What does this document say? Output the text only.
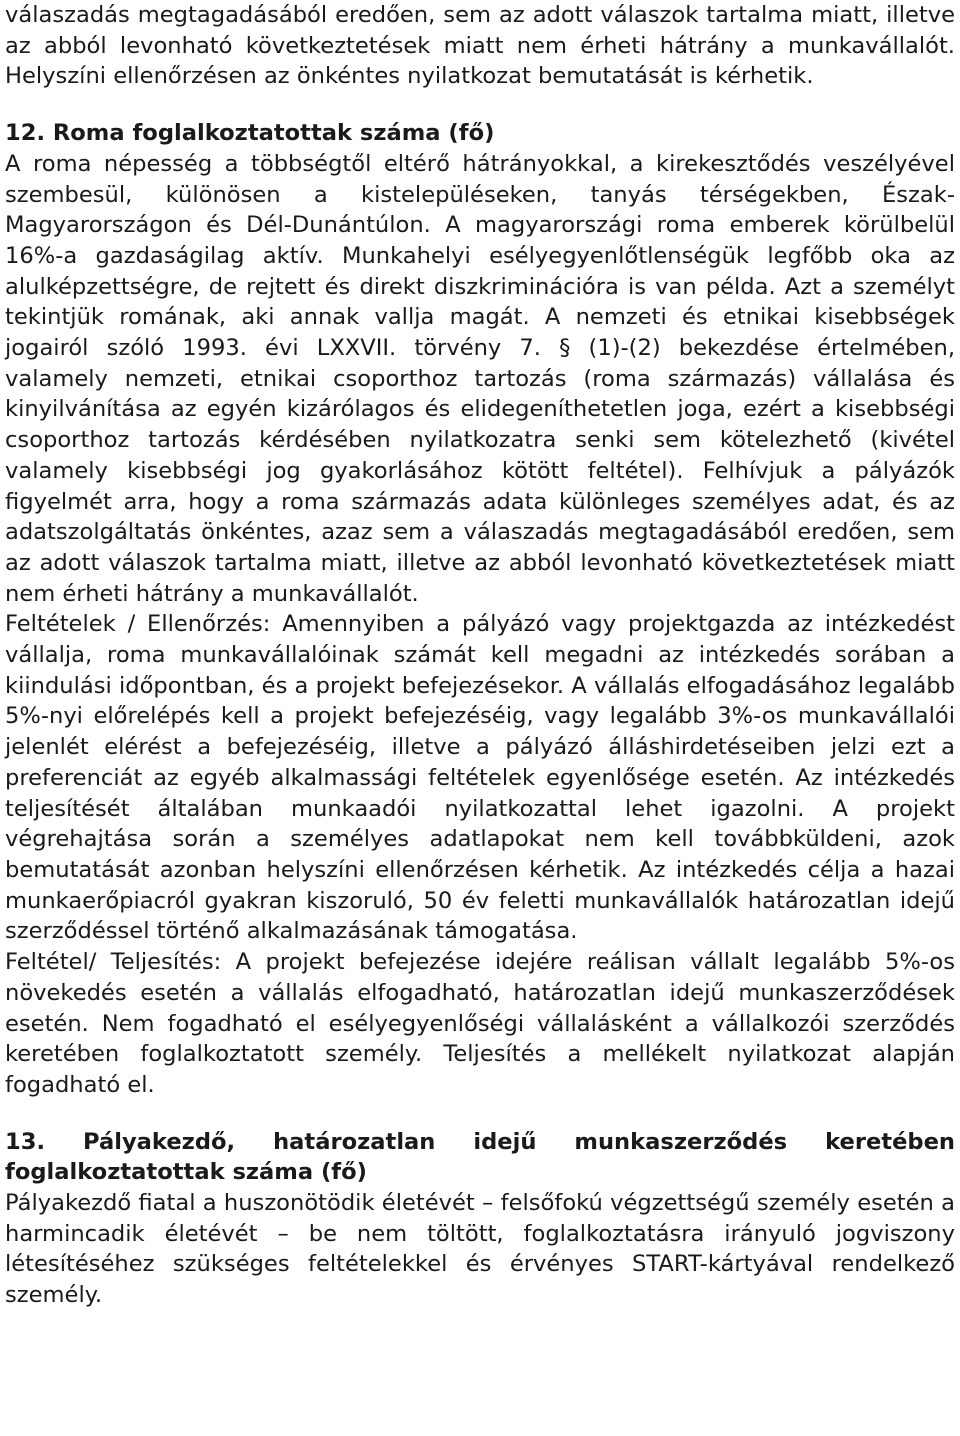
válaszadás megtagadásából eredően, sem az adott válaszok tartalma miatt, illetve az abból levonható következtetések miatt nem érheti hátrány a munkavállalót. Helyszíni ellenőrzésen az önkéntes nyilatkozat bemutatását is kérhetik.

12. Roma foglalkoztatottak száma (fő)

A roma népesség a többségtől eltérő hátrányokkal, a kirekesztődés veszélyével szembesül, különösen a kistelepüléseken, tanyás térségekben, Észak-Magyarországon és Dél-Dunántúlon. A magyarországi roma emberek körülbelül 16%-a gazdaságilag aktív. Munkahelyi esélyegyenlőtlenségük legfőbb oka az alulképzettségre, de rejtett és direkt diszkriminációra is van példa. Azt a személyt tekintjük romának, aki annak vallja magát. A nemzeti és etnikai kisebbségek jogairól szóló 1993. évi LXXVII. törvény 7. § (1)-(2) bekezdése értelmében, valamely nemzeti, etnikai csoporthoz tartozás (roma származás) vállalása és kinyilvánítása az egyén kizárólagos és elidegeníthetetlen joga, ezért a kisebbségi csoporthoz tartozás kérdésében nyilatkozatra senki sem kötelezhető (kivétel valamely kisebbségi jog gyakorlásához kötött feltétel). Felhívjuk a pályázók figyelmét arra, hogy a roma származás adata különleges személyes adat, és az adatszolgáltatás önkéntes, azaz sem a válaszadás megtagadásából eredően, sem az adott válaszok tartalma miatt, illetve az abból levonható következtetések miatt nem érheti hátrány a munkavállalót.

Feltételek / Ellenőrzés: Amennyiben a pályázó vagy projektgazda az intézkedést vállalja, roma munkavállalóinak számát kell megadni az intézkedés sorában a kiindulási időpontban, és a projekt befejezésekor. A vállalás elfogadásához legalább 5%-nyi előrelépés kell a projekt befejezéséig, vagy legalább 3%-os munkavállalói jelenlét elérést a befejezéséig, illetve a pályázó álláshirdetéseiben jelzi ezt a preferenciát az egyéb alkalmassági feltételek egyenlősége esetén. Az intézkedés teljesítését általában munkaadói nyilatkozattal lehet igazolni. A projekt végrehajtása során a személyes adatlapokat nem kell továbbküldeni, azok bemutatását azonban helyszíni ellenőrzésen kérhetik. Az intézkedés célja a hazai munkaerőpiacról gyakran kiszoruló, 50 év feletti munkavállalók határozatlan idejű szerződéssel történő alkalmazásának támogatása.

Feltétel/ Teljesítés: A projekt befejezése idejére reálisan vállalt legalább 5%-os növekedés esetén a vállalás elfogadható, határozatlan idejű munkaszerződések esetén. Nem fogadható el esélyegyenlőségi vállalásként a vállalkozói szerződés keretében foglalkoztatott személy. Teljesítés a mellékelt nyilatkozat alapján fogadható el.

13. Pályakezdő, határozatlan idejű munkaszerződés keretében foglalkoztatottak száma (fő)

Pályakezdő fiatal a huszonötödik életévét – felsőfokú végzettségű személy esetén a harmincadik életévét – be nem töltött, foglalkoztatásra irányuló jogviszony létesítéséhez szükséges feltételekkel és érvényes START-kártyával rendelkező személy.
